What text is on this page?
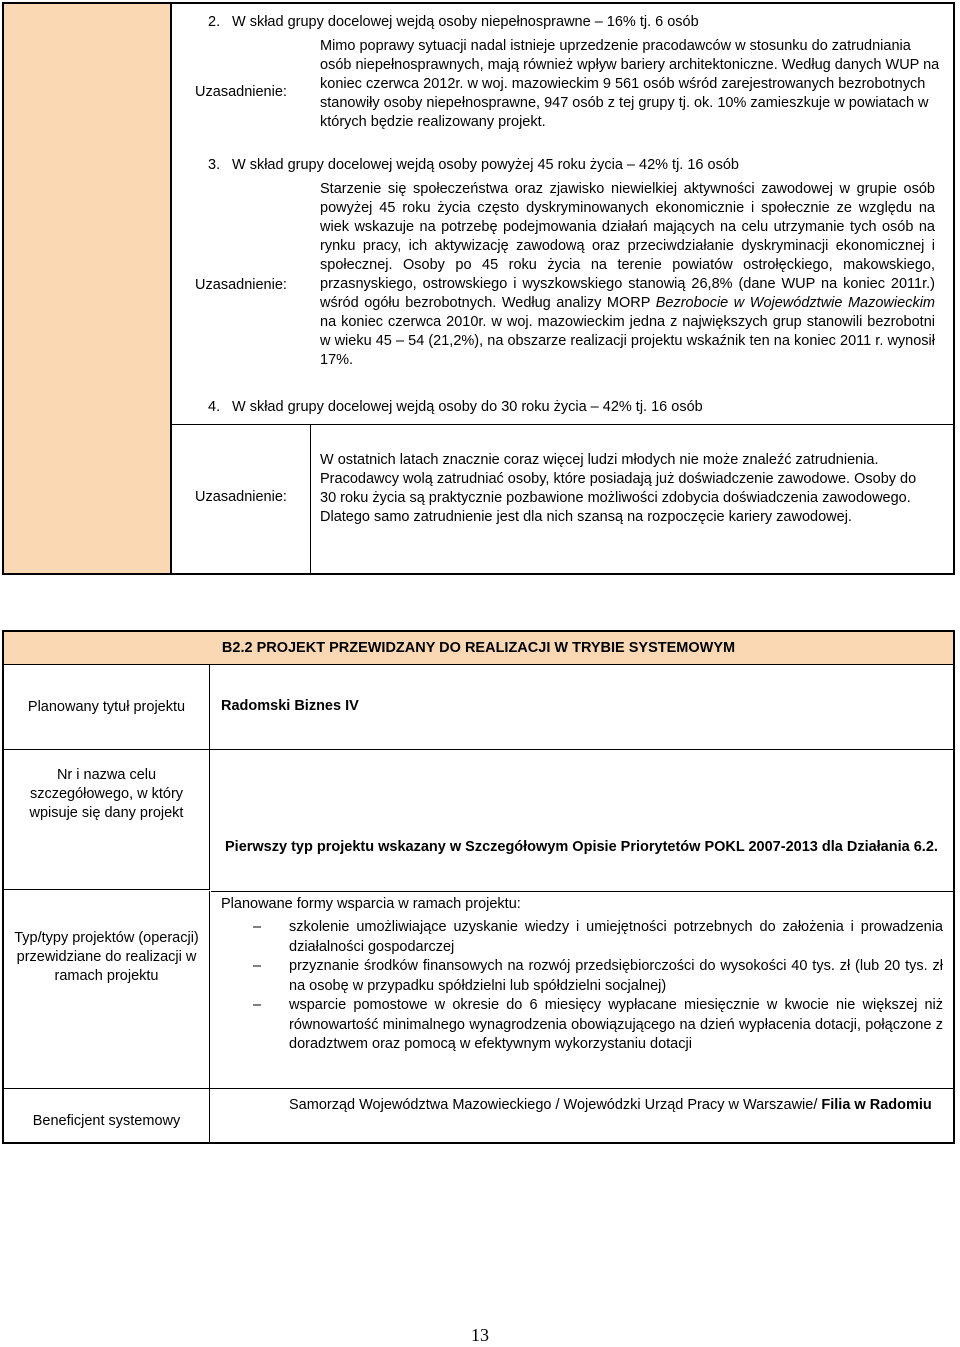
2. W skład grupy docelowej wejdą osoby niepełnosprawne – 16% tj. 6 osób
Uzasadnienie:
Mimo poprawy sytuacji nadal istnieje uprzedzenie pracodawców w stosunku do zatrudniania osób niepełnosprawnych, mają również wpływ bariery architektoniczne. Według danych WUP na koniec czerwca 2012r. w woj. mazowieckim 9 561 osób wśród zarejestrowanych bezrobotnych stanowiły osoby niepełnosprawne, 947 osób z tej grupy tj. ok. 10% zamieszkuje w powiatach w których będzie realizowany projekt.
3. W skład grupy docelowej wejdą osoby powyżej 45 roku życia – 42% tj. 16 osób
Uzasadnienie:
Starzenie się społeczeństwa oraz zjawisko niewielkiej aktywności zawodowej w grupie osób powyżej 45 roku życia często dyskryminowanych ekonomicznie i społecznie ze względu na wiek wskazuje na potrzebę podejmowania działań mających na celu utrzymanie tych osób na rynku pracy, ich aktywizację zawodową oraz przeciwdziałanie dyskryminacji ekonomicznej i społecznej. Osoby po 45 roku życia na terenie powiatów ostrołęckiego, makowskiego, przasnyskiego, ostrowskiego i wyszkowskiego stanowią 26,8% (dane WUP na koniec 2011r.) wśród ogółu bezrobotnych. Według analizy MORP Bezrobocie w Województwie Mazowieckim na koniec czerwca 2010r. w woj. mazowieckim jedna z największych grup stanowili bezrobotni w wieku 45 – 54 (21,2%), na obszarze realizacji projektu wskaźnik ten na koniec 2011 r. wynosił 17%.
4. W skład grupy docelowej wejdą osoby do 30 roku życia – 42% tj. 16 osób
Uzasadnienie:
W ostatnich latach znacznie coraz więcej ludzi młodych nie może znaleźć zatrudnienia. Pracodawcy wolą zatrudniać osoby, które posiadają już doświadczenie zawodowe. Osoby do 30 roku życia są praktycznie pozbawione możliwości zdobycia doświadczenia zawodowego. Dlatego samo zatrudnienie jest dla nich szansą na rozpoczęcie kariery zawodowej.
B2.2 PROJEKT PRZEWIDZANY DO REALIZACJI W TRYBIE SYSTEMOWYM
Planowany tytuł projektu	Radomski Biznes IV
Nr i nazwa celu szczegółowego, w który wpisuje się dany projekt
Pierwszy typ projektu wskazany w Szczegółowym Opisie Priorytetów POKL 2007-2013 dla Działania 6.2.
Typ/typy projektów (operacji) przewidziane do realizacji w ramach projektu
Planowane formy wsparcia w ramach projektu:
– szkolenie umożliwiające uzyskanie wiedzy i umiejętności potrzebnych do założenia i prowadzenia działalności gospodarczej
– przyznanie środków finansowych na rozwój przedsiębiorczości do wysokości 40 tys. zł (lub 20 tys. zł na osobę w przypadku spółdzielni lub spółdzielni socjalnej)
– wsparcie pomostowe w okresie do 6 miesięcy wypłacane miesięcznie w kwocie nie większej niż równowartość minimalnego wynagrodzenia obowiązującego na dzień wypłacenia dotacji, połączone z doradztwem oraz pomocą w efektywnym wykorzystaniu dotacji
Beneficjent systemowy
Samorząd Województwa Mazowieckiego / Wojewódzki Urząd Pracy w Warszawie/ Filia w Radomiu
13
